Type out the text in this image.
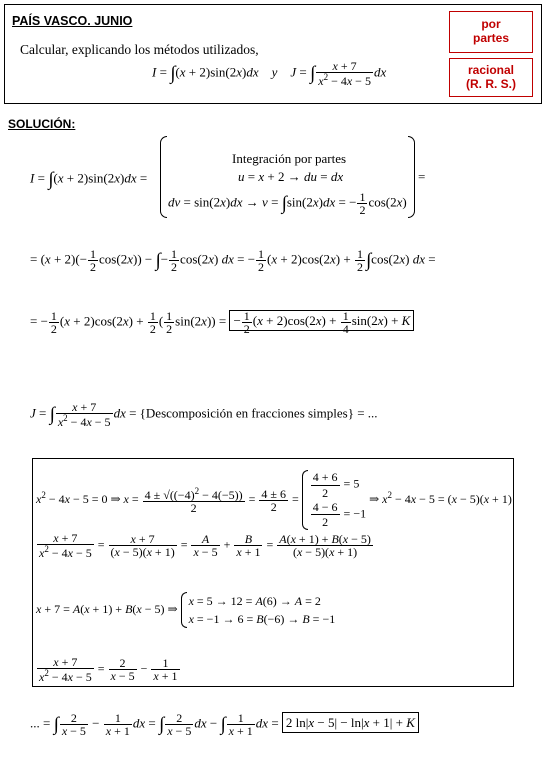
PAÍS VASCO. JUNIO
Calcular, explicando los métodos utilizados,
I = ∫(x + 2)sin(2x)dx y J = ∫ $\frac{x + 7}{x^2 - 4x - 5}$ dx
por
partes
racional
(R. R. S.)
SOLUCIÓN:
I = ∫(x + 2)sin(2x)dx =
Integración por partes
u = x + 2 → du = dx
dv = sin(2x)dx → v = ∫sin(2x)dx = − $\frac{1}{2} \cos(2x)$
=
= $(x + 2)(- \frac{1}{2} \cos(2x))$ − ∫− $\frac{1}{2} \cos(2x)$ dx = − $\frac{1}{2} (x + 2)\cos(2x) + \frac{1}{2} \int\cos(2x)$ dx =
= − $\frac{1}{2} (x + 2)\cos(2x) + \frac{1}{2}$ ( $\frac{1}{2} \sin(2x)$) = − $\frac{1}{2} (x + 2)\cos(2x) + \frac{1}{4} \sin(2x) + K$
J = ∫ $\frac{x + 7}{x^2 - 4x - 5}$ dx = {Descomposición en fracciones simples} = ...
$x^2 - 4x - 5 = 0$ ⇒ $x = \frac{4 \pm √((-4)^2 - 4(-5))}{2} = \frac{4 \pm 6}{2} = \frac{4 + 6}{2} = 5$
$\frac{4 - 6}{2} = -1$
⇒ $x^2 - 4x - 5 = (x - 5)(x + 1)$
$\frac{x + 7}{x^2 - 4x - 5} = \frac{x + 7}{(x - 5)(x + 1)} = \frac{A}{x - 5} + \frac{B}{x + 1} = \frac{A(x + 1) + B(x - 5)}{(x - 5)(x + 1)}$
x + 7 = A(x + 1) + B(x − 5) ⇒
x = 5 → 12 = A(6) → A = 2
x = −1 → 6 = B(−6) → B = −1
$\frac{x + 7}{x^2 - 4x - 5} = \frac{2}{x - 5} - \frac{1}{x + 1}$
... = ∫ $\frac{2}{x - 5} - \frac{1}{x + 1}$ dx = ∫ $\frac{2}{x - 5}$ dx − ∫ $\frac{1}{x + 1}$ dx = 2 ln|x − 5| − ln|x + 1| + K
